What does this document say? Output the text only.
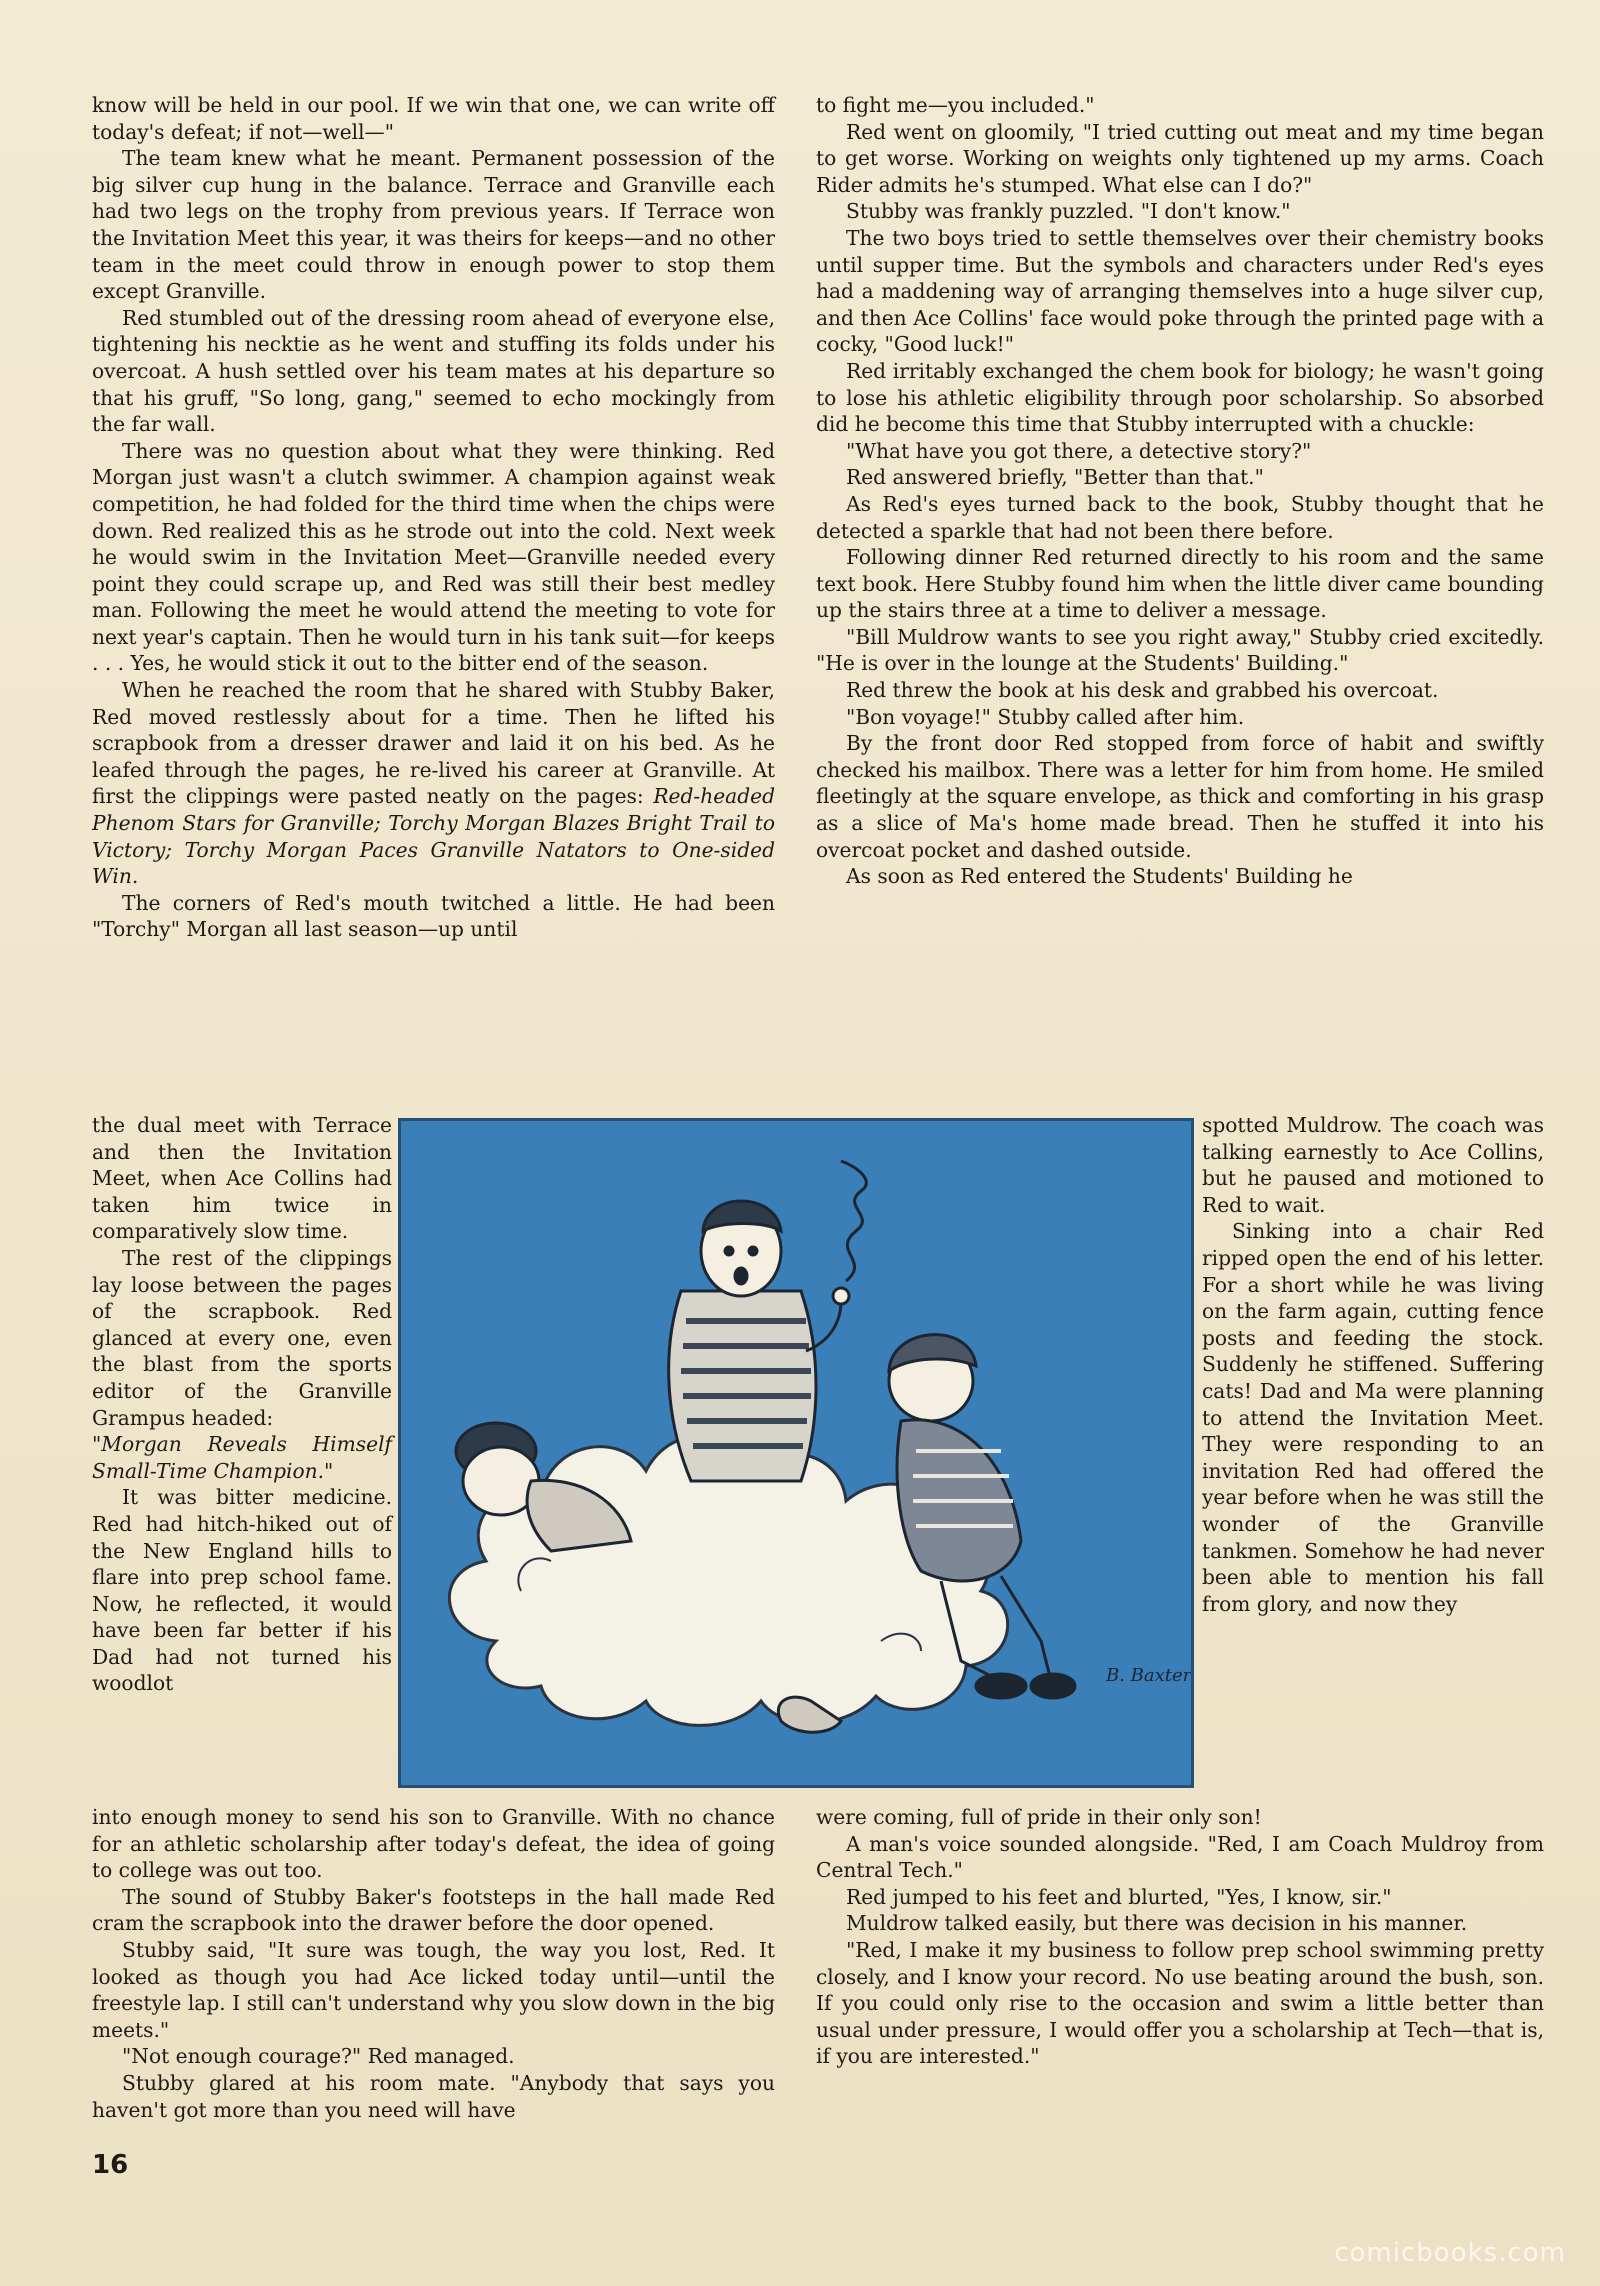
know will be held in our pool. If we win that one, we can write off today's defeat; if not—well—"

The team knew what he meant. Permanent possession of the big silver cup hung in the balance. Terrace and Granville each had two legs on the trophy from previous years. If Terrace won the Invitation Meet this year, it was theirs for keeps—and no other team in the meet could throw in enough power to stop them except Granville.

Red stumbled out of the dressing room ahead of everyone else, tightening his necktie as he went and stuffing its folds under his overcoat. A hush settled over his team mates at his departure so that his gruff, "So long, gang," seemed to echo mockingly from the far wall.

There was no question about what they were thinking. Red Morgan just wasn't a clutch swimmer. A champion against weak competition, he had folded for the third time when the chips were down. Red realized this as he strode out into the cold. Next week he would swim in the Invitation Meet—Granville needed every point they could scrape up, and Red was still their best medley man. Following the meet he would attend the meeting to vote for next year's captain. Then he would turn in his tank suit—for keeps . . . Yes, he would stick it out to the bitter end of the season.

When he reached the room that he shared with Stubby Baker, Red moved restlessly about for a time. Then he lifted his scrapbook from a dresser drawer and laid it on his bed. As he leafed through the pages, he re-lived his career at Granville. At first the clippings were pasted neatly on the pages: Red-headed Phenom Stars for Granville; Torchy Morgan Blazes Bright Trail to Victory; Torchy Morgan Paces Granville Natators to One-sided Win.

The corners of Red's mouth twitched a little. He had been "Torchy" Morgan all last season—up until

the dual meet with Terrace and then the Invitation Meet, when Ace Collins had taken him twice in comparatively slow time.

The rest of the clippings lay loose between the pages of the scrapbook. Red glanced at every one, even the blast from the sports editor of the Granville Grampus headed:

"Morgan Reveals Himself Small-Time Champion."

It was bitter medicine. Red had hitch-hiked out of the New England hills to flare into prep school fame. Now, he reflected, it would have been far better if his Dad had not turned his woodlot	B. Baxter

into enough money to send his son to Granville. With no chance for an athletic scholarship after today's defeat, the idea of going to college was out too.

The sound of Stubby Baker's footsteps in the hall made Red cram the scrapbook into the drawer before the door opened.

Stubby said, "It sure was tough, the way you lost, Red. It looked as though you had Ace licked today until—until the freestyle lap. I still can't understand why you slow down in the big meets."

"Not enough courage?" Red managed.

Stubby glared at his room mate. "Anybody that says you haven't got more than you need will have

to fight me—you included."

Red went on gloomily, "I tried cutting out meat and my time began to get worse. Working on weights only tightened up my arms. Coach Rider admits he's stumped. What else can I do?"

Stubby was frankly puzzled. "I don't know."

The two boys tried to settle themselves over their chemistry books until supper time. But the symbols and characters under Red's eyes had a maddening way of arranging themselves into a huge silver cup, and then Ace Collins' face would poke through the printed page with a cocky, "Good luck!"

Red irritably exchanged the chem book for biology; he wasn't going to lose his athletic eligibility through poor scholarship. So absorbed did he become this time that Stubby interrupted with a chuckle:

"What have you got there, a detective story?"

Red answered briefly, "Better than that."

As Red's eyes turned back to the book, Stubby thought that he detected a sparkle that had not been there before.

Following dinner Red returned directly to his room and the same text book. Here Stubby found him when the little diver came bounding up the stairs three at a time to deliver a message.

"Bill Muldrow wants to see you right away," Stubby cried excitedly. "He is over in the lounge at the Students' Building."

Red threw the book at his desk and grabbed his overcoat.

"Bon voyage!" Stubby called after him.

By the front door Red stopped from force of habit and swiftly checked his mailbox. There was a letter for him from home. He smiled fleetingly at the square envelope, as thick and comforting in his grasp as a slice of Ma's home made bread. Then he stuffed it into his overcoat pocket and dashed outside.

As soon as Red entered the Students' Building he

spotted Muldrow. The coach was talking earnestly to Ace Collins, but he paused and motioned to Red to wait.

Sinking into a chair Red ripped open the end of his letter. For a short while he was living on the farm again, cutting fence posts and feeding the stock. Suddenly he stiffened. Suffering cats! Dad and Ma were planning to attend the Invitation Meet. They were responding to an invitation Red had offered the year before when he was still the wonder of the Granville tankmen. Somehow he had never been able to mention his fall from glory, and now they

were coming, full of pride in their only son!

A man's voice sounded alongside. "Red, I am Coach Muldroy from Central Tech."

Red jumped to his feet and blurted, "Yes, I know, sir."

Muldrow talked easily, but there was decision in his manner.

"Red, I make it my business to follow prep school swimming pretty closely, and I know your record. No use beating around the bush, son. If you could only rise to the occasion and swim a little better than usual under pressure, I would offer you a scholarship at Tech—that is, if you are interested."

16
comicbooks.com
